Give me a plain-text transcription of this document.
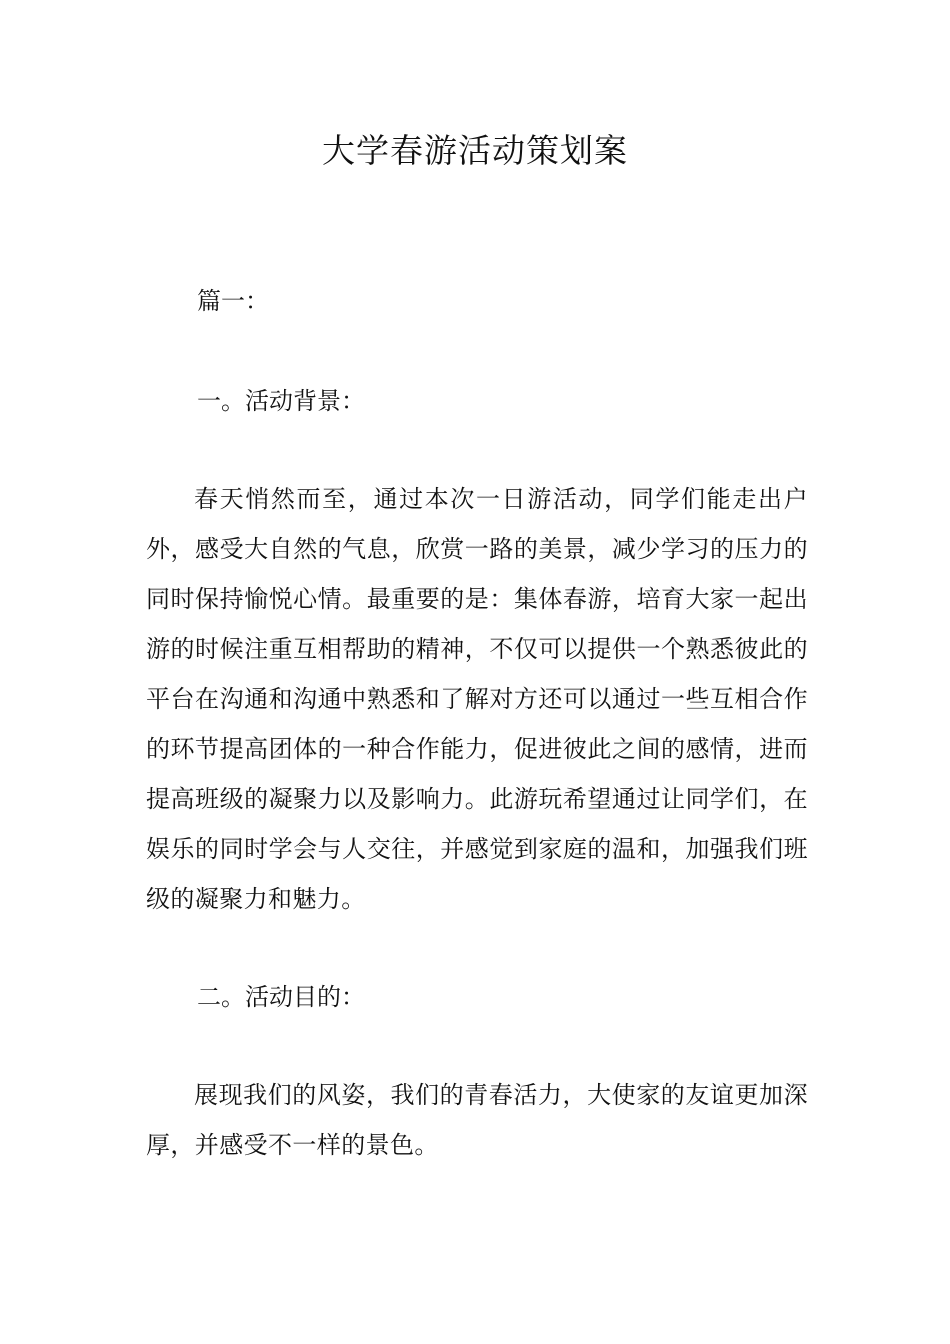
大学春游活动策划案

篇一：

一。活动背景：

春天悄然而至，通过本次一日游活动，同学们能走出户外，感受大自然的气息，欣赏一路的美景，减少学习的压力的同时保持愉悦心情。最重要的是：集体春游，培育大家一起出游的时候注重互相帮助的精神，不仅可以提供一个熟悉彼此的平台在沟通和沟通中熟悉和了解对方还可以通过一些互相合作的环节提高团体的一种合作能力，促进彼此之间的感情，进而提高班级的凝聚力以及影响力。此游玩希望通过让同学们，在娱乐的同时学会与人交往，并感觉到家庭的温和，加强我们班级的凝聚力和魅力。

二。活动目的：

展现我们的风姿，我们的青春活力，大使家的友谊更加深厚，并感受不一样的景色。
